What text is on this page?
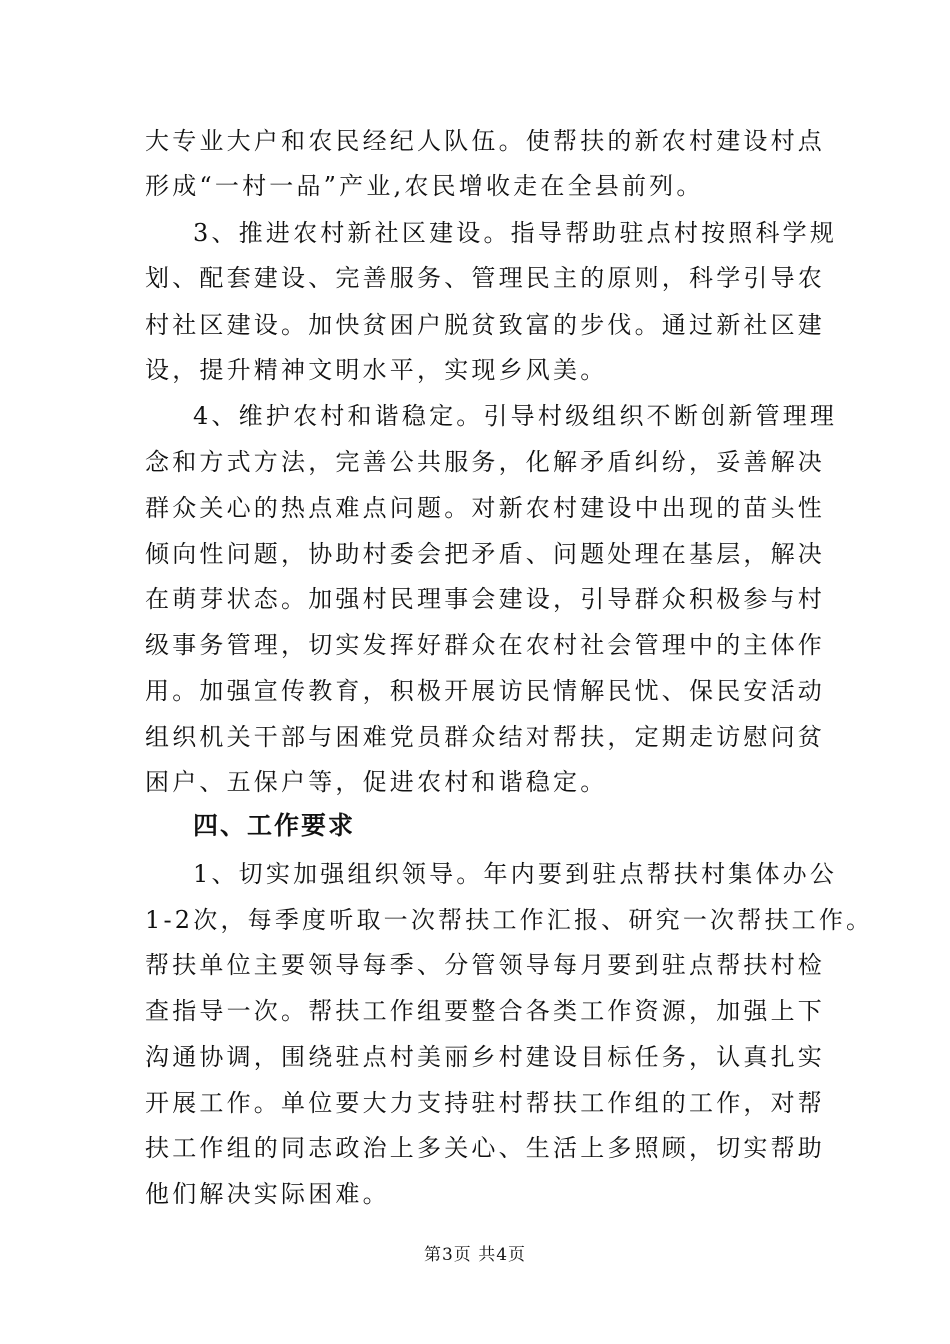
大专业大户和农民经纪人队伍。使帮扶的新农村建设村点
形成“一村一品”产业,农民增收走在全县前列。
3、推进农村新社区建设。指导帮助驻点村按照科学规
划、配套建设、完善服务、管理民主的原则，科学引导农
村社区建设。加快贫困户脱贫致富的步伐。通过新社区建
设，提升精神文明水平，实现乡风美。
4、维护农村和谐稳定。引导村级组织不断创新管理理
念和方式方法，完善公共服务，化解矛盾纠纷，妥善解决
群众关心的热点难点问题。对新农村建设中出现的苗头性
倾向性问题，协助村委会把矛盾、问题处理在基层，解决
在萌芽状态。加强村民理事会建设，引导群众积极参与村
级事务管理，切实发挥好群众在农村社会管理中的主体作
用。加强宣传教育，积极开展访民情解民忧、保民安活动
组织机关干部与困难党员群众结对帮扶，定期走访慰问贫
困户、五保户等，促进农村和谐稳定。
四、工作要求
1、切实加强组织领导。年内要到驻点帮扶村集体办公
1-2次，每季度听取一次帮扶工作汇报、研究一次帮扶工作。
帮扶单位主要领导每季、分管领导每月要到驻点帮扶村检
查指导一次。帮扶工作组要整合各类工作资源，加强上下
沟通协调，围绕驻点村美丽乡村建设目标任务，认真扎实
开展工作。单位要大力支持驻村帮扶工作组的工作，对帮
扶工作组的同志政治上多关心、生活上多照顾，切实帮助
他们解决实际困难。
第3页 共4页
